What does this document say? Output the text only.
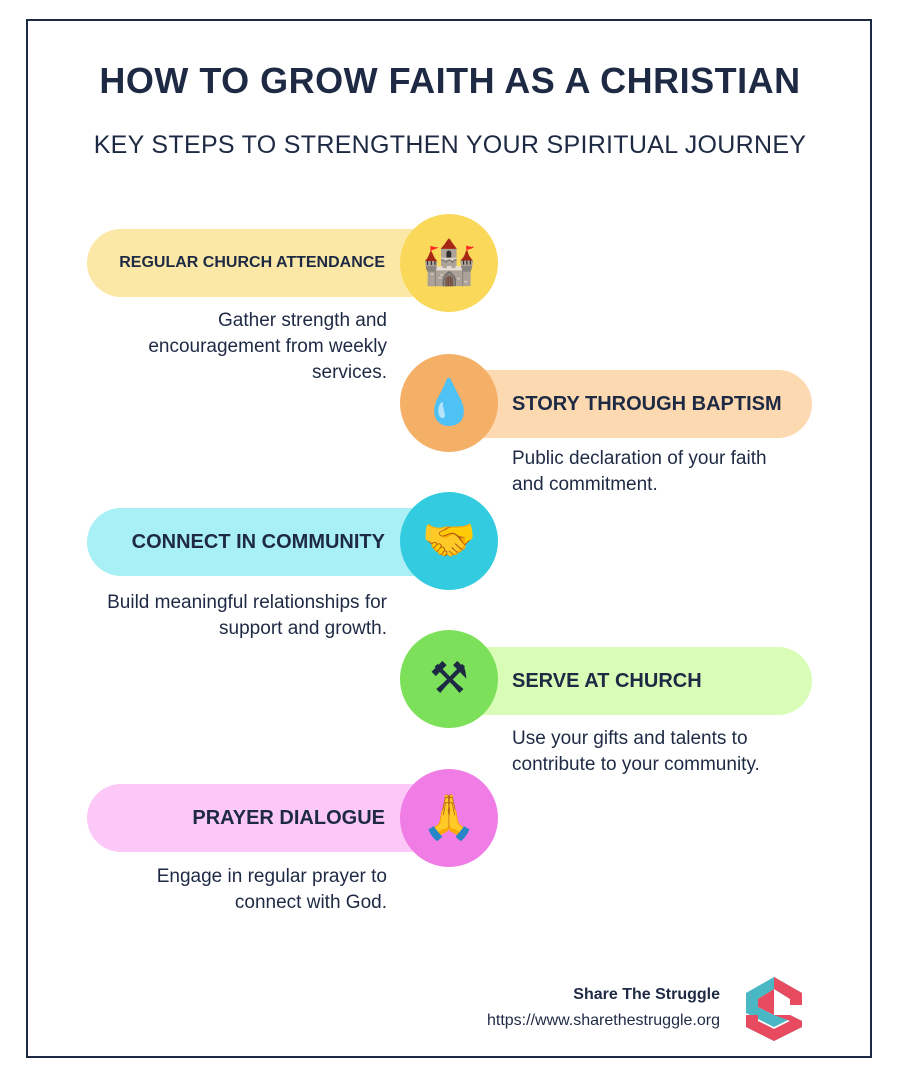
HOW TO GROW FAITH AS A CHRISTIAN
KEY STEPS TO STRENGTHEN YOUR SPIRITUAL JOURNEY
REGULAR CHURCH ATTENDANCE 🏰

Gather strength and encouragement from weekly services.

STORY THROUGH BAPTISM
💧

Public declaration of your faith and commitment.

CONNECT IN COMMUNITY 🤝

Build meaningful relationships for support and growth.

SERVE AT CHURCH
⚒

Use your gifts and talents to contribute to your community.

PRAYER DIALOGUE 🙏

Engage in regular prayer to connect with God.

Share The Struggle
https://www.sharethestruggle.org
